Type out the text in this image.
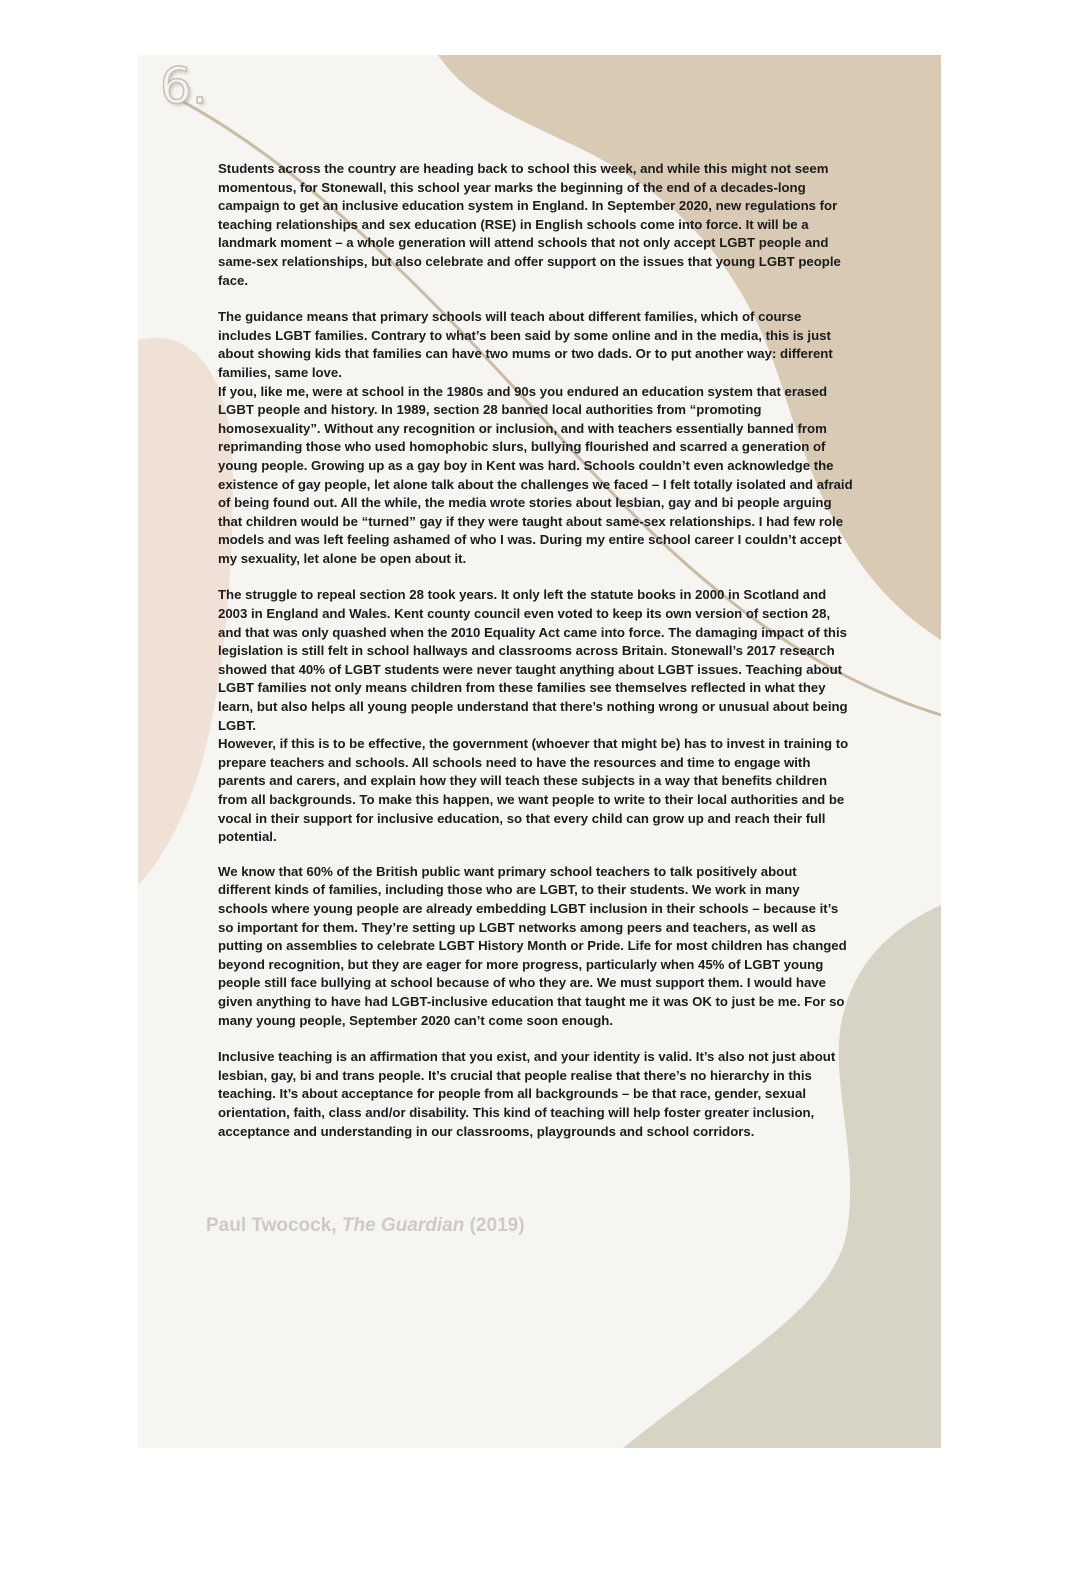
6.

Students across the country are heading back to school this week, and while this might not seem momentous, for Stonewall, this school year marks the beginning of the end of a decades-long campaign to get an inclusive education system in England. In September 2020, new regulations for teaching relationships and sex education (RSE) in English schools come into force. It will be a landmark moment – a whole generation will attend schools that not only accept LGBT people and same-sex relationships, but also celebrate and offer support on the issues that young LGBT people face.

The guidance means that primary schools will teach about different families, which of course includes LGBT families. Contrary to what’s been said by some online and in the media, this is just about showing kids that families can have two mums or two dads. Or to put another way: different families, same love.

If you, like me, were at school in the 1980s and 90s you endured an education system that erased LGBT people and history. In 1989, section 28 banned local authorities from “promoting homosexuality”. Without any recognition or inclusion, and with teachers essentially banned from reprimanding those who used homophobic slurs, bullying flourished and scarred a generation of young people. Growing up as a gay boy in Kent was hard. Schools couldn’t even acknowledge the existence of gay people, let alone talk about the challenges we faced – I felt totally isolated and afraid of being found out. All the while, the media wrote stories about lesbian, gay and bi people arguing that children would be “turned” gay if they were taught about same-sex relationships. I had few role models and was left feeling ashamed of who I was. During my entire school career I couldn’t accept my sexuality, let alone be open about it.

The struggle to repeal section 28 took years. It only left the statute books in 2000 in Scotland and 2003 in England and Wales. Kent county council even voted to keep its own version of section 28, and that was only quashed when the 2010 Equality Act came into force. The damaging impact of this legislation is still felt in school hallways and classrooms across Britain. Stonewall’s 2017 research showed that 40% of LGBT students were never taught anything about LGBT issues. Teaching about LGBT families not only means children from these families see themselves reflected in what they learn, but also helps all young people understand that there’s nothing wrong or unusual about being LGBT.

However, if this is to be effective, the government (whoever that might be) has to invest in training to prepare teachers and schools. All schools need to have the resources and time to engage with parents and carers, and explain how they will teach these subjects in a way that benefits children from all backgrounds. To make this happen, we want people to write to their local authorities and be vocal in their support for inclusive education, so that every child can grow up and reach their full potential.

We know that 60% of the British public want primary school teachers to talk positively about different kinds of families, including those who are LGBT, to their students. We work in many schools where young people are already embedding LGBT inclusion in their schools – because it’s so important for them. They’re setting up LGBT networks among peers and teachers, as well as putting on assemblies to celebrate LGBT History Month or Pride. Life for most children has changed beyond recognition, but they are eager for more progress, particularly when 45% of LGBT young people still face bullying at school because of who they are. We must support them. I would have given anything to have had LGBT-inclusive education that taught me it was OK to just be me. For so many young people, September 2020 can’t come soon enough.

Inclusive teaching is an affirmation that you exist, and your identity is valid. It’s also not just about lesbian, gay, bi and trans people. It’s crucial that people realise that there’s no hierarchy in this teaching. It’s about acceptance for people from all backgrounds – be that race, gender, sexual orientation, faith, class and/or disability. This kind of teaching will help foster greater inclusion, acceptance and understanding in our classrooms, playgrounds and school corridors.

Paul Twocock, The Guardian (2019)
